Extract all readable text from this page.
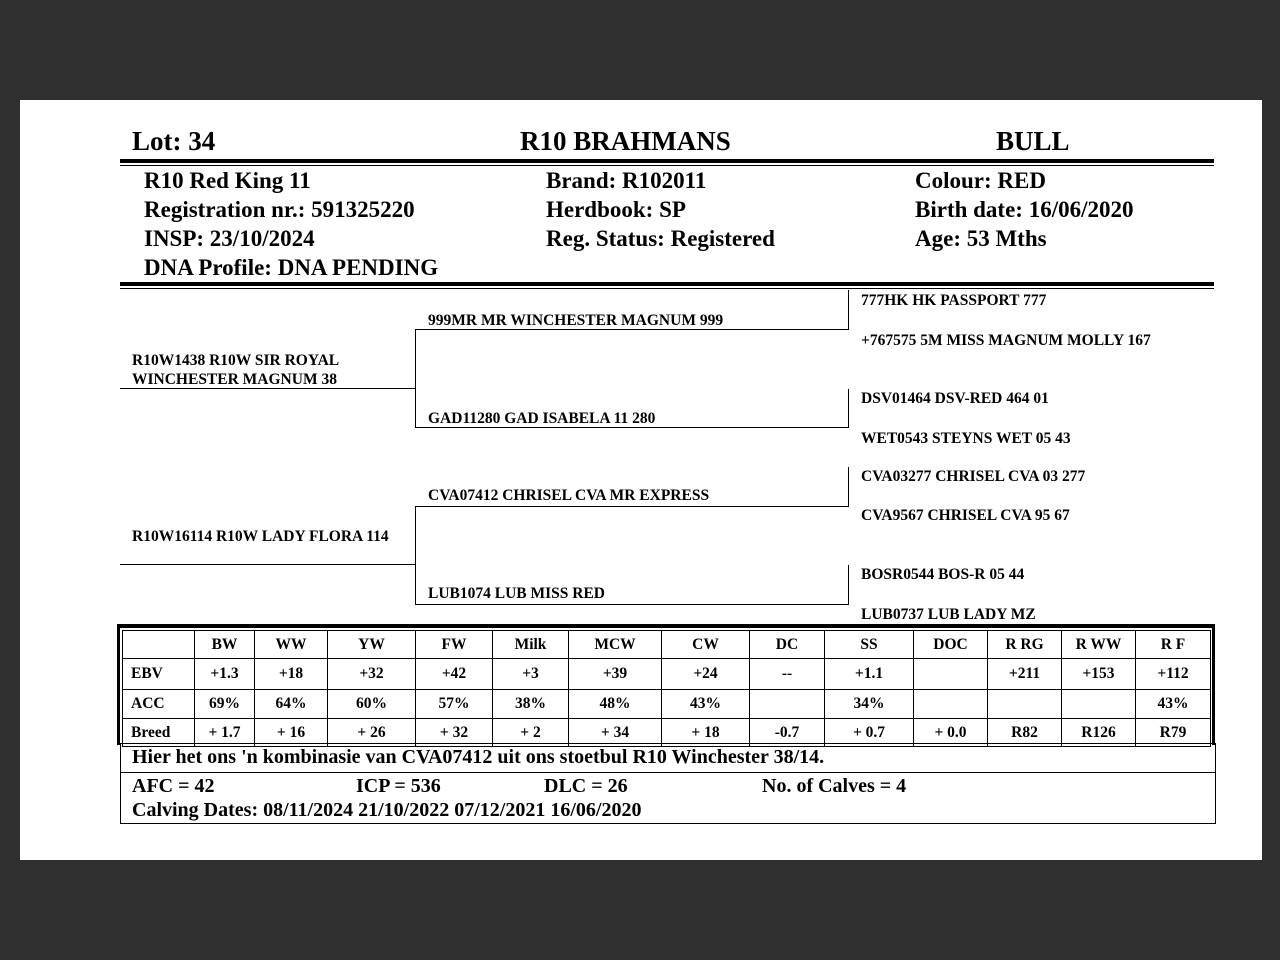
Lot: 34	R10 BRAHMANS	BULL
R10 Red King 11
Registration nr.: 591325220
INSP: 23/10/2024
DNA Profile: DNA PENDING
Brand: R102011
Herdbook: SP
Reg. Status: Registered
Colour: RED
Birth date: 16/06/2020
Age: 53 Mths
R10W1438 R10W SIR ROYAL WINCHESTER MAGNUM 38
R10W16114 R10W LADY FLORA 114
999MR MR WINCHESTER MAGNUM 999
GAD11280 GAD ISABELA 11 280
CVA07412 CHRISEL CVA MR EXPRESS
LUB1074 LUB MISS RED
777HK HK PASSPORT 777
+767575 5M MISS MAGNUM MOLLY 167
DSV01464 DSV-RED 464 01
WET0543 STEYNS WET 05 43
CVA03277 CHRISEL CVA 03 277
CVA9567 CHRISEL CVA 95 67
BOSR0544 BOS-R 05 44
LUB0737 LUB LADY MZ
	BW	WW	YW	FW	Milk	MCW	CW	DC	SS	DOC	R RG	R WW	R F
EBV	+1.3	+18	+32	+42	+3	+39	+24	--	+1.1		+211	+153	+112
ACC	69%	64%	60%	57%	38%	48%	43%		34%				43%
Breed	+ 1.7	+ 16	+ 26	+ 32	+ 2	+ 34	+ 18	-0.7	+ 0.7	+ 0.0	R82	R126	R79
Hier het ons 'n kombinasie van CVA07412 uit ons stoetbul R10 Winchester 38/14.
AFC = 42	ICP = 536	DLC = 26	No. of Calves = 4
Calving Dates: 08/11/2024 21/10/2022 07/12/2021 16/06/2020
